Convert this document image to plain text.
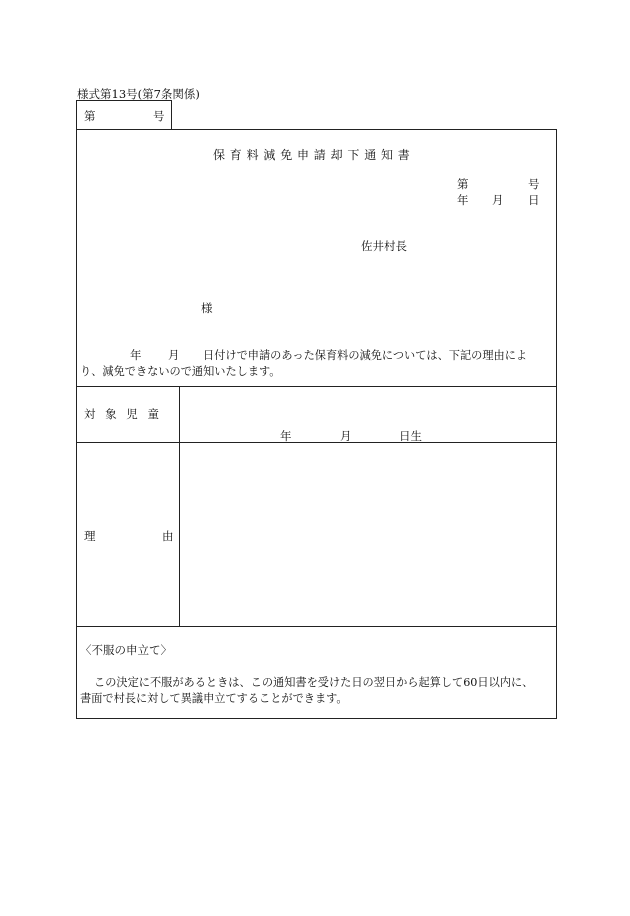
様式第13号(第7条関係)
第	号
保育料減免申請却下通知書
第	号
年 月 日
佐井村長
様
年 月 日付けで申請のあった保育料の減免については、下記の理由によ
り、減免できないので通知いたします。
対 象 児 童
年	月	日生
理	由
〈不服の申立て〉
この決定に不服があるときは、この通知書を受けた日の翌日から起算して60日以内に、
書面で村長に対して異議申立てすることができます。
